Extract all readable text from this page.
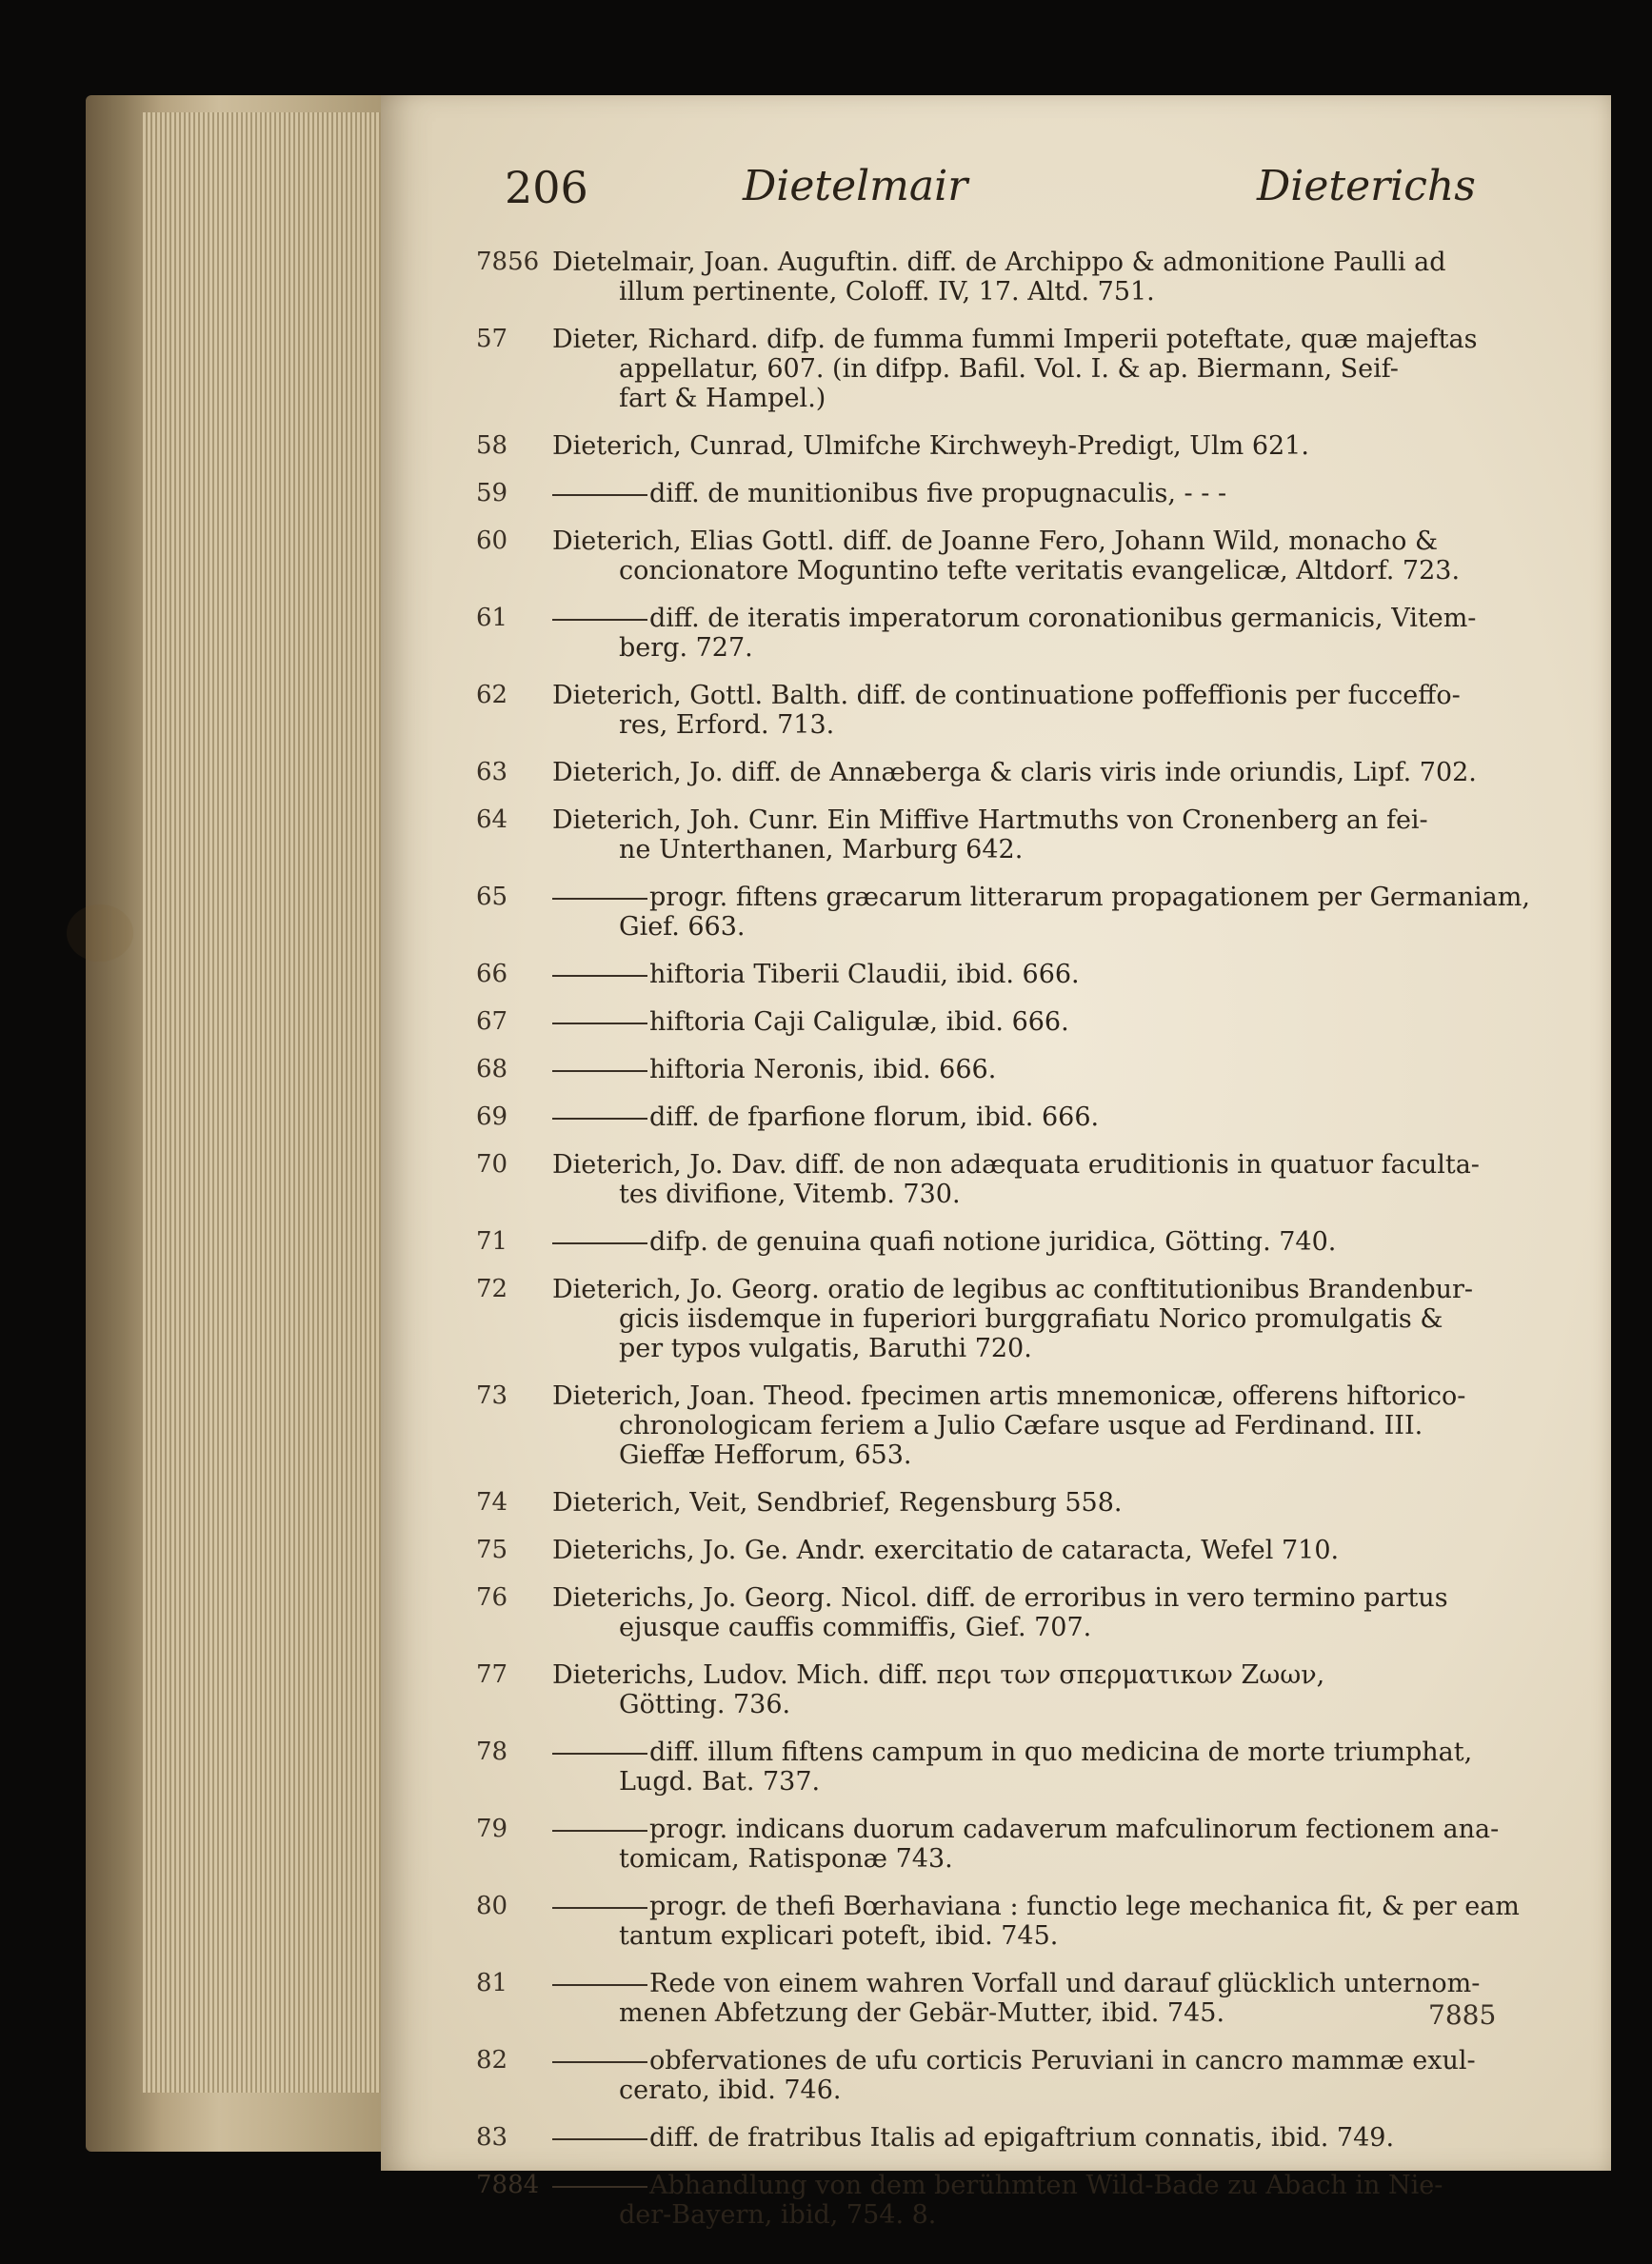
206	Dietelmair	Dieterichs
7856 Dietelmair, Joan. Auguftin. diff. de Archippo & admonitione Paulli ad
illum pertinente, Coloff. IV, 17. Altd. 751.
57	Dieter, Richard. difp. de fumma fummi Imperii poteftate, quæ majeftas
appellatur, 607. (in difpp. Bafil. Vol. I. & ap. Biermann, Seif-
fart & Hampel.)
58	Dieterich, Cunrad, Ulmifche Kirchweyh-Predigt, Ulm 621.
59	diff. de munitionibus five propugnaculis, - - -
60	Dieterich, Elias Gottl. diff. de Joanne Fero, Johann Wild, monacho &
concionatore Moguntino tefte veritatis evangelicæ, Altdorf. 723.
61	diff. de iteratis imperatorum coronationibus germanicis, Vitem-
berg. 727.
62	Dieterich, Gottl. Balth. diff. de continuatione poffeffionis per fucceffo-
res, Erford. 713.
63	Dieterich, Jo. diff. de Annæberga & claris viris inde oriundis, Lipf. 702.
64	Dieterich, Joh. Cunr. Ein Miffive Hartmuths von Cronenberg an fei-
ne Unterthanen, Marburg 642.
65	progr. fiftens græcarum litterarum propagationem per Germaniam,
Gief. 663.
66	hiftoria Tiberii Claudii, ibid. 666.
67	hiftoria Caji Caligulæ, ibid. 666.
68	hiftoria Neronis, ibid. 666.
69	diff. de fparfione florum, ibid. 666.
70	Dieterich, Jo. Dav. diff. de non adæquata eruditionis in quatuor faculta-
tes divifione, Vitemb. 730.
71	difp. de genuina quafi notione juridica, Götting. 740.
72	Dieterich, Jo. Georg. oratio de legibus ac conftitutionibus Brandenbur-
gicis iisdemque in fuperiori burggrafiatu Norico promulgatis &
per typos vulgatis, Baruthi 720.
73	Dieterich, Joan. Theod. fpecimen artis mnemonicæ, offerens hiftorico-
chronologicam feriem a Julio Cæfare usque ad Ferdinand. III.
Gieffæ Hefforum, 653.
74	Dieterich, Veit, Sendbrief, Regensburg 558.
75	Dieterichs, Jo. Ge. Andr. exercitatio de cataracta, Wefel 710.
76	Dieterichs, Jo. Georg. Nicol. diff. de erroribus in vero termino partus
ejusque cauffis commiffis, Gief. 707.
77	Dieterichs, Ludov. Mich. diff. περι των σπερματικων Ζωων,
Götting. 736.
78	diff. illum fiftens campum in quo medicina de morte triumphat,
Lugd. Bat. 737.
79	progr. indicans duorum cadaverum mafculinorum fectionem ana-
tomicam, Ratisponæ 743.
80	progr. de thefi Bœrhaviana : functio lege mechanica fit, & per eam
tantum explicari poteft, ibid. 745.
81	Rede von einem wahren Vorfall und darauf glücklich unternom-
menen Abfetzung der Gebär-Mutter, ibid. 745.
82	obfervationes de ufu corticis Peruviani in cancro mammæ exul-
cerato, ibid. 746.
83	diff. de fratribus Italis ad epigaftrium connatis, ibid. 749.
7884	Abhandlung von dem berühmten Wild-Bade zu Abach in Nie-
der-Bayern, ibid, 754. 8.
7885
